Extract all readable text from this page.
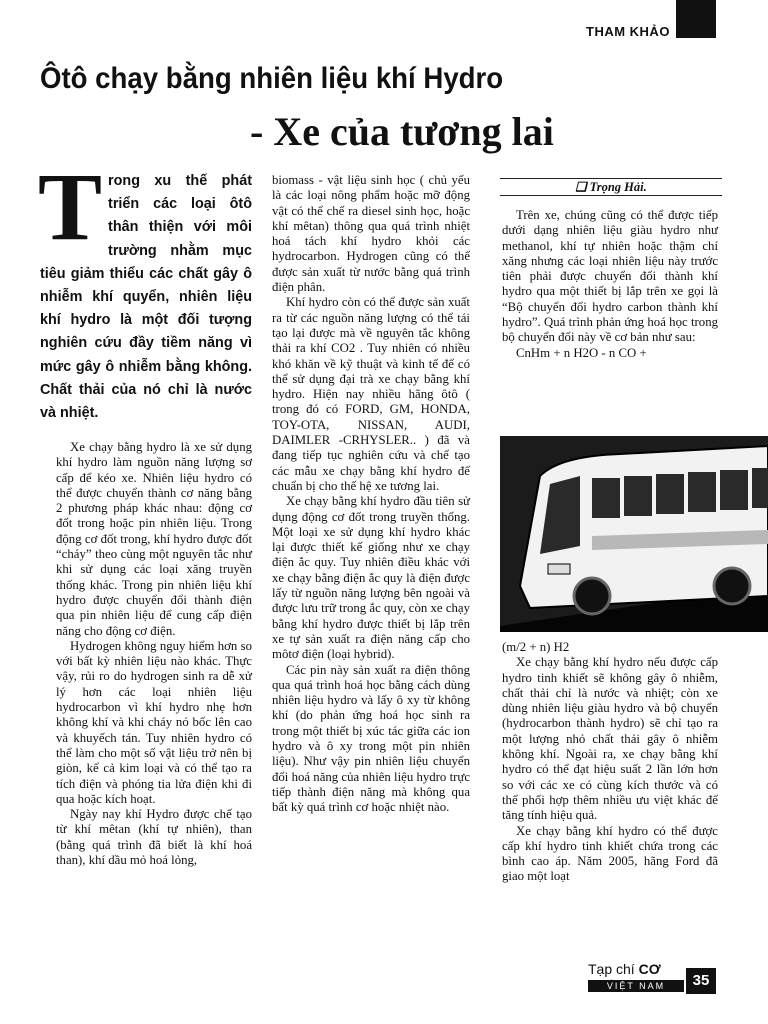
THAM KHẢO
Ôtô chạy bằng nhiên liệu khí Hydro
- Xe của tương lai
T rong xu thế phát triển các loại ôtô thân thiện với môi trường nhằm mục tiêu giảm thiểu các chất gây ô nhiễm khí quyển, nhiên liệu khí hydro là một đối tượng nghiên cứu đầy tiềm năng vì mức gây ô nhiễm bằng không. Chất thải của nó chỉ là nước và nhiệt.

Xe chạy bằng hydro là xe sử dụng khí hydro làm nguồn năng lượng sơ cấp để kéo xe. Nhiên liệu hydro có thể được chuyển thành cơ năng bằng 2 phương pháp khác nhau: động cơ đốt trong hoặc pin nhiên liệu. Trong động cơ đốt trong, khí hydro được đốt “cháy” theo cùng một nguyên tắc như khi sử dụng các loại xăng truyền thống khác. Trong pin nhiên liệu khí hydro được chuyển đổi thành điện qua pin nhiên liệu để cung cấp điện năng cho động cơ điện.

Hydrogen không nguy hiểm hơn so với bất kỳ nhiên liệu nào khác. Thực vậy, rủi ro do hydrogen sinh ra dễ xử lý hơn các loại nhiên liệu hydrocarbon vì khí hydro nhẹ hơn không khí và khi cháy nó bốc lên cao và khuyếch tán. Tuy nhiên hydro có thể làm cho một số vật liệu trở nên bị giòn, kể cả kim loại và có thể tạo ra tích điện và phóng tia lửa điện khi đi qua hoặc kích hoạt.

Ngày nay khí Hydro được chế tạo từ khí mêtan (khí tự nhiên), than (bằng quá trình đã biết là khí hoá than), khí dầu mỏ hoá lỏng,

biomass - vật liệu sinh học ( chủ yếu là các loại nông phẩm hoặc mỡ động vật có thể chế ra diesel sinh học, hoặc khí mêtan) thông qua quá trình nhiệt hoá tách khí hydro khỏi các hydrocarbon. Hydrogen cũng có thể được sản xuất từ nước bằng quá trình điện phân.

Khí hydro còn có thể được sản xuất ra từ các nguồn năng lượng có thể tái tạo lại được mà về nguyên tắc không thải ra khí CO2 . Tuy nhiên có nhiều khó khăn về kỹ thuật và kinh tế để có thể sử dụng đại trà xe chạy bằng khí hydro. Hiện nay nhiều hãng ôtô ( trong đó có FORD, GM, HONDA, TOY-OTA, NISSAN, AUDI, DAIMLER -CRHYSLER.. ) đã và đang tiếp tục nghiên cứu và chế tạo các mẫu xe chạy bằng khí hydro để chuẩn bị cho thế hệ xe tương lai.

Xe chạy bằng khí hydro đầu tiên sử dụng động cơ đốt trong truyền thống. Một loại xe sử dụng khí hydro khác lại được thiết kế giống như xe chạy điện ắc quy. Tuy nhiên điều khác với xe chạy bằng điện ắc quy là điện được lấy từ nguồn năng lượng bên ngoài và được lưu trữ trong ắc quy, còn xe chạy bằng khí hydro được thiết bị lắp trên xe tự sản xuất ra điện năng cấp cho môtơ điện (loại hybrid).

Các pin này sản xuất ra điện thông qua quá trình hoá học bằng cách dùng nhiên liệu hydro và lấy ô xy từ không khí (do phản ứng hoá học sinh ra trong một thiết bị xúc tác giữa các ion hydro và ô xy trong một pin nhiên liệu). Như vậy pin nhiên liệu chuyển đổi hoá năng của nhiên liệu hydro trực tiếp thành điện năng mà không qua bất kỳ quá trình cơ hoặc nhiệt nào.

❑ Trọng Hải.

Trên xe, chúng cũng có thể được tiếp dưới dạng nhiên liệu giàu hydro như methanol, khí tự nhiên hoặc thậm chí xăng nhưng các loại nhiên liệu này trước tiên phải được chuyển đổi thành khí hydro qua một thiết bị lắp trên xe gọi là “Bộ chuyển đổi hydro carbon thành khí hydro”. Quá trình phản ứng hoá học trong bộ chuyển đổi này về cơ bản như sau:

CnHm + n H2O - n CO +

(m/2 + n) H2

Xe chạy bằng khí hydro nếu được cấp hydro tinh khiết sẽ không gây ô nhiễm, chất thải chỉ là nước và nhiệt; còn xe dùng nhiên liệu giàu hydro và bộ chuyển (hydrocarbon thành hydro) sẽ chỉ tạo ra một lượng nhỏ chất thải gây ô nhiễm không khí. Ngoài ra, xe chạy bằng khí hydro có thể đạt hiệu suất 2 lần lớn hơn so với các xe có cùng kích thước và có thể phối hợp thêm nhiều ưu việt khác để tăng tính hiệu quả.

Xe chạy bằng khí hydro có thể được cấp khí hydro tinh khiết chứa trong các bình cao áp. Năm 2005, hãng Ford đã giao một loạt

Tạp chí CƠ
VIỆT NAM	35
